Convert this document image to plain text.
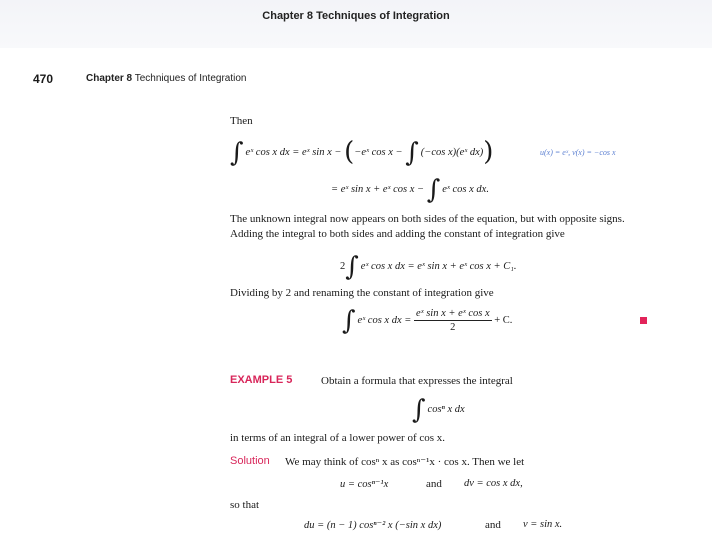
Chapter 8 Techniques of Integration
470	Chapter 8 Techniques of Integration
Then
∫ eˣ cos x dx = eˣ sin x − (−eˣ cos x − ∫ (−cos x)(eˣ dx))	u(x) = eˣ, v(x) = −cos x
= eˣ sin x + eˣ cos x − ∫ eˣ cos x dx.
The unknown integral now appears on both sides of the equation, but with opposite signs.
Adding the integral to both sides and adding the constant of integration give
2∫ eˣ cos x dx = eˣ sin x + eˣ cos x + C₁.
Dividing by 2 and renaming the constant of integration give
∫ eˣ cos x dx = $\frac{\text{eˣ sin x + eˣ cos x}}{2} + C$.
EXAMPLE 5	Obtain a formula that expresses the integral
∫ cosⁿ x dx
in terms of an integral of a lower power of cos x.
Solution We may think of cosⁿ x as cosⁿ⁻¹x · cos x. Then we let
u = cosⁿ⁻¹x	and dv = cos x dx,
so that
du = (n − 1) cosⁿ⁻² x (−sin x dx)	and v = sin x.
